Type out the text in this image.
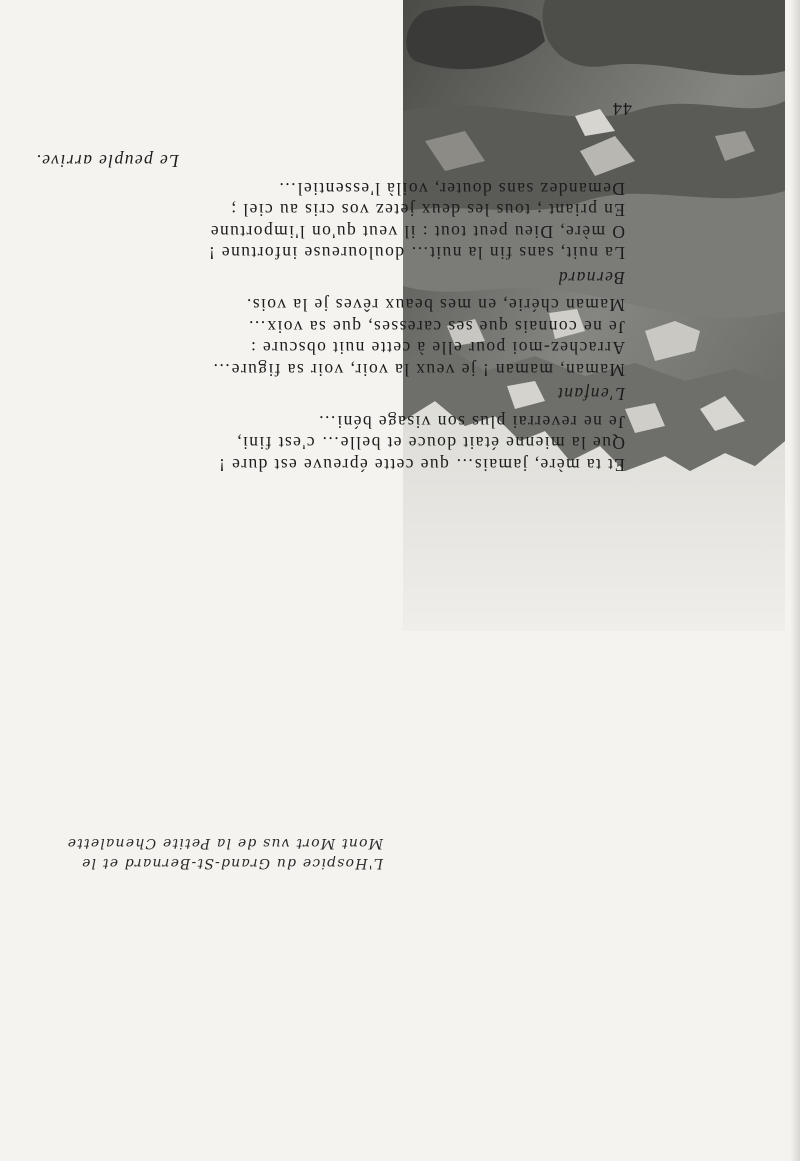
L'Hospice du Grand-St-Bernard et le
Mont Mort vus de la Petite Chenalette
Et ta mère, jamais… que cette épreuve est dure !
Que la mienne était douce et belle… c'est fini,
Je ne reverrai plus son visage béni…
L'enfant
Maman, maman ! je veux la voir, voir sa figure…
Arrachez-moi pour elle à cette nuit obscure :
Je ne connais que ses caresses, que sa voix…
Maman chérie, en mes beaux rêves je la vois.
Bernard
La nuit, sans fin la nuit… douloureuse infortune !
O mère, Dieu peut tout : il veut qu'on l'importune
En priant ; tous les deux jetez vos cris au ciel ;
Demandez sans douter, voilà l'essentiel…
Le peuple arrive.
44
